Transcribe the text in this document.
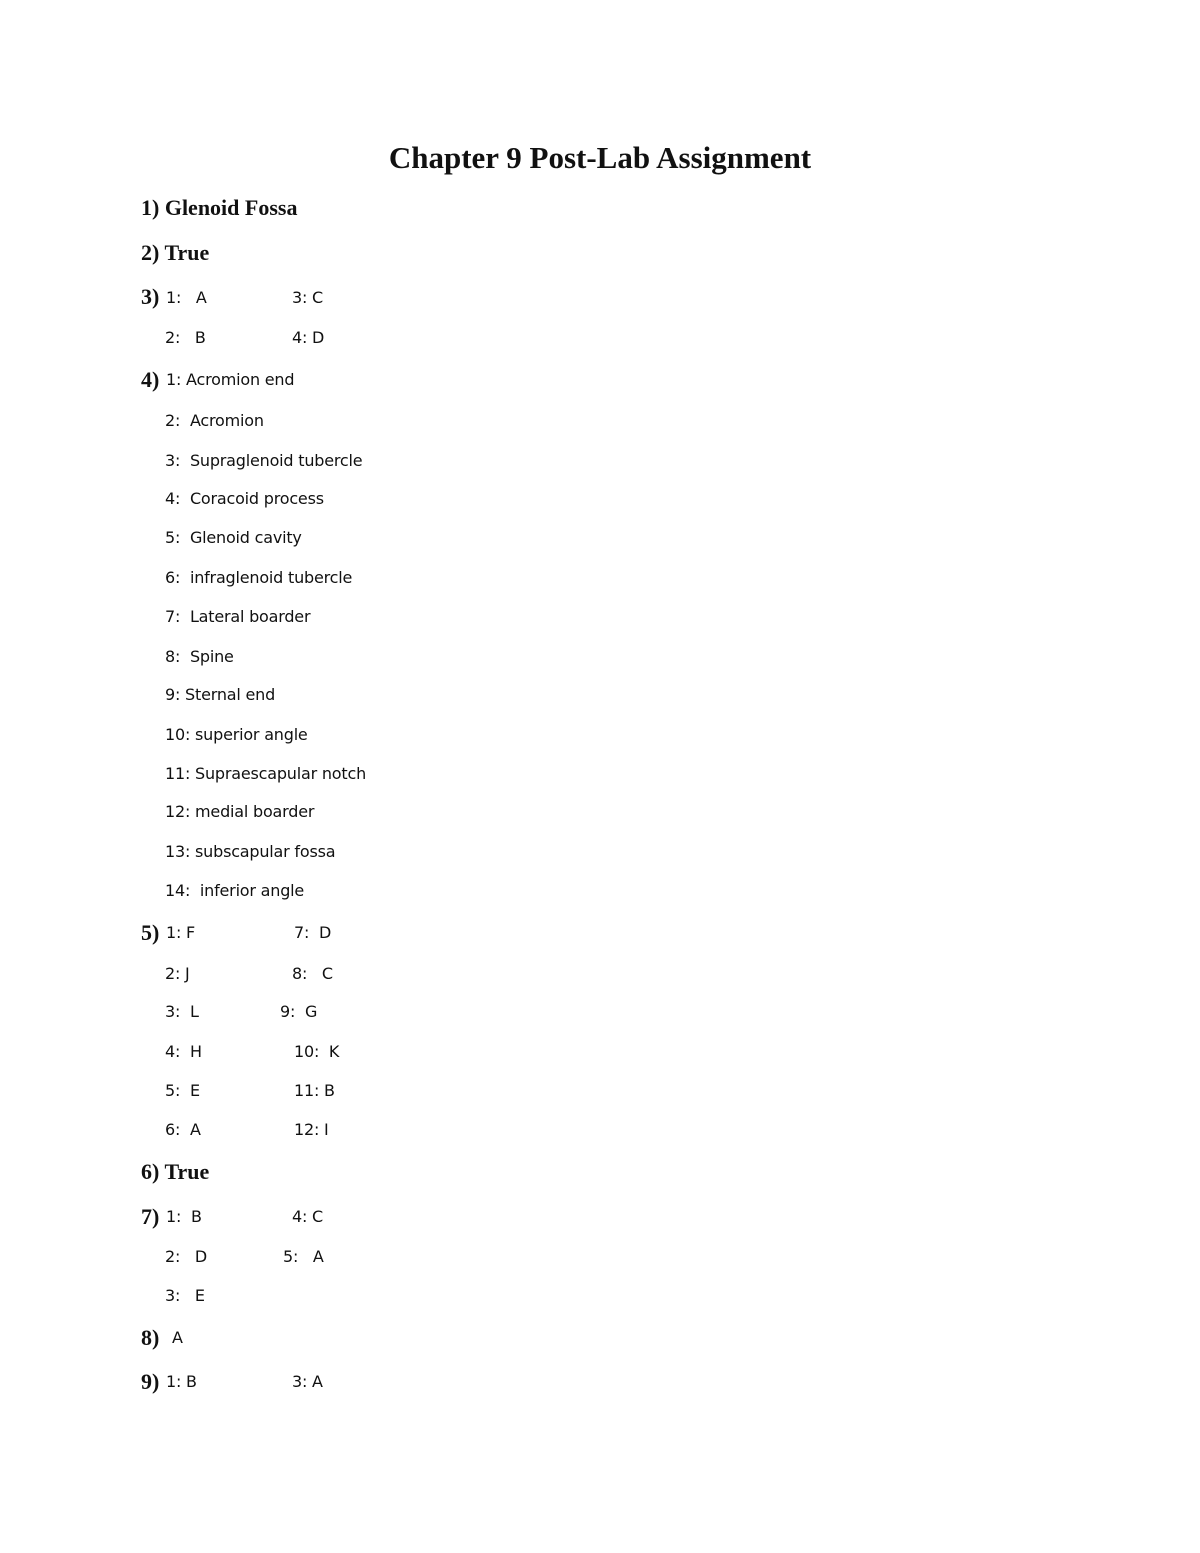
Chapter 9 Post-Lab Assignment
1) Glenoid Fossa
2) True
3) 1:   A	3: C
2:   B	4: D
4) 1: Acromion end
2:  Acromion
3:  Supraglenoid tubercle
4:  Coracoid process
5:  Glenoid cavity
6:  infraglenoid tubercle
7:  Lateral boarder
8:  Spine
9: Sternal end
10: superior angle
11: Supraescapular notch
12: medial boarder
13: subscapular fossa
14:  inferior angle
5) 1: F	7:  D
2: J	8:   C
3:  L	9:  G
4:  H	10:  K
5:  E	11: B
6:  A	12: I
6) True
7) 1:  B	4: C
2:   D	5:   A
3:   E
8) A
9) 1: B	3: A
